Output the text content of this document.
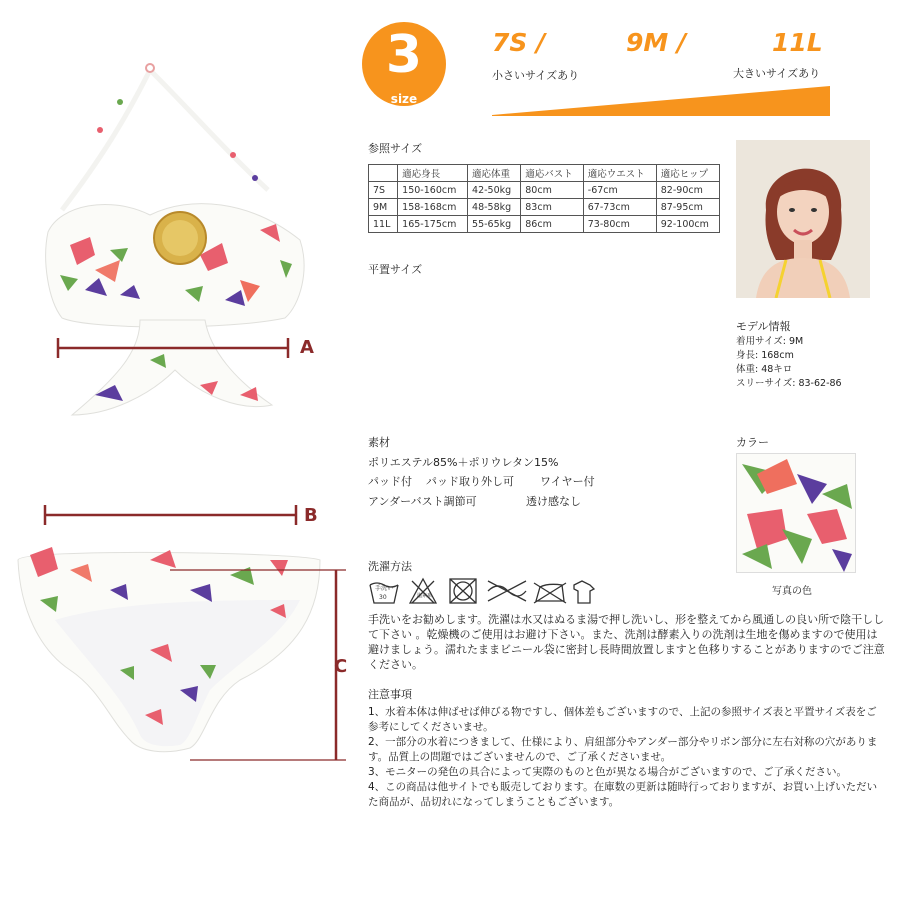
A
B
C
3
size
7S /	9M /	11L
小さいサイズあり	大きいサイズあり
参照サイズ
	適応身長	適応体重	適応バスト	適応ウエスト	適応ヒップ
7S	150-160cm	42-50kg	80cm	-67cm	82-90cm
9M	158-168cm	48-58kg	83cm	67-73cm	87-95cm
11L	165-175cm	55-65kg	86cm	73-80cm	92-100cm
平置サイズ
モデル情報
着用サイズ: 9M
身長: 168cm
体重: 48キロ
スリーサイズ: 83-62-86
素材
ポリエステル85%＋ポリウレタン15%
パッド付 パッド取り外し可 ワイヤー付
アンダーバスト調節可	透け感なし
カラー
写真の色
洗濯方法
手洗い
30	塩素系
手洗いをお勧めします。洗濯は水又はぬるま湯で押し洗いし、形を整えてから風通しの良い所で陰干しして下さい 。乾燥機のご使用はお避け下さい。また、洗剤は酵素入りの洗剤は生地を傷めますので使用は避けましょう。濡れたままビニール袋に密封し長時間放置しますと色移りすることがありますのでご注意ください。
注意事項
1、水着本体は伸ばせば伸びる物ですし、個体差もございますので、上記の参照サイズ表と平置サイズ表をご参考にしてくださいませ。
2、一部分の水着につきまして、仕様により、肩紐部分やアンダー部分やリボン部分に左右対称の穴があります。品質上の問題ではございませんので、ご了承くださいませ。
3、モニターの発色の具合によって実際のものと色が異なる場合がございますので、ご了承ください。
4、この商品は他サイトでも販売しております。在庫数の更新は随時行っておりますが、お買い上げいただいた商品が、品切れになってしまうこともございます。
